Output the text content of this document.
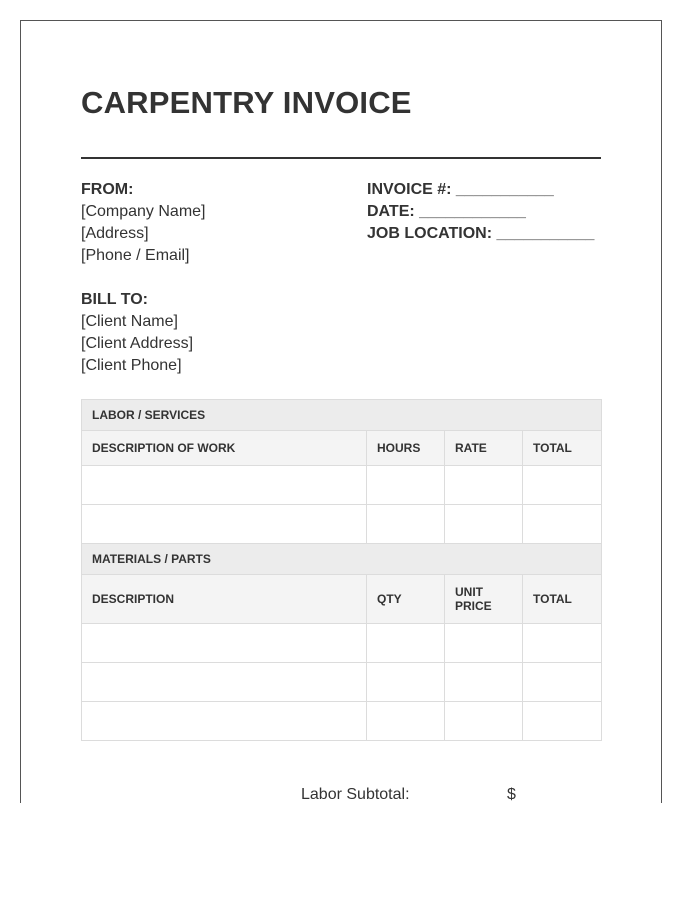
CARPENTRY INVOICE
FROM:
[Company Name]
[Address]
[Phone / Email]
INVOICE #: ___________
DATE: ____________
JOB LOCATION: ___________
BILL TO:
[Client Name]
[Client Address]
[Client Phone]
LABOR / SERVICES			
DESCRIPTION OF WORK	HOURS	RATE	TOTAL

MATERIALS / PARTS			
DESCRIPTION	QTY	UNIT PRICE	TOTAL

Labor Subtotal:	$
